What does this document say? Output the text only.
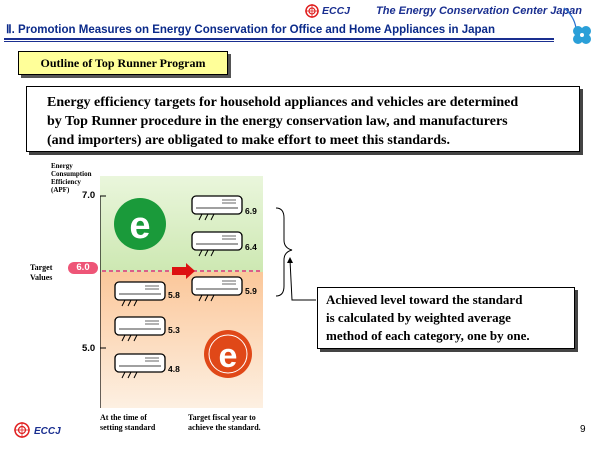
ECCJ The Energy Conservation Center Japan
Ⅱ. Promotion Measures on Energy Conservation for Office and Home Appliances in Japan
Outline of Top Runner Program
Energy efficiency targets for household appliances and vehicles are determined
by Top Runner procedure in the energy conservation law, and manufacturers
(and importers) are obligated to make effort to meet this standards.
Energy
Consumption
Efficiency
(APF)
e
e
7.0
5.0
Target
Values
6.0
6.9
6.4
5.9
5.8
5.3
4.8
At the time of
setting standard
Target fiscal year to
achieve the standard.
Achieved level toward the standard
is calculated by weighted average
method of each category, one by one.
ECCJ	9
